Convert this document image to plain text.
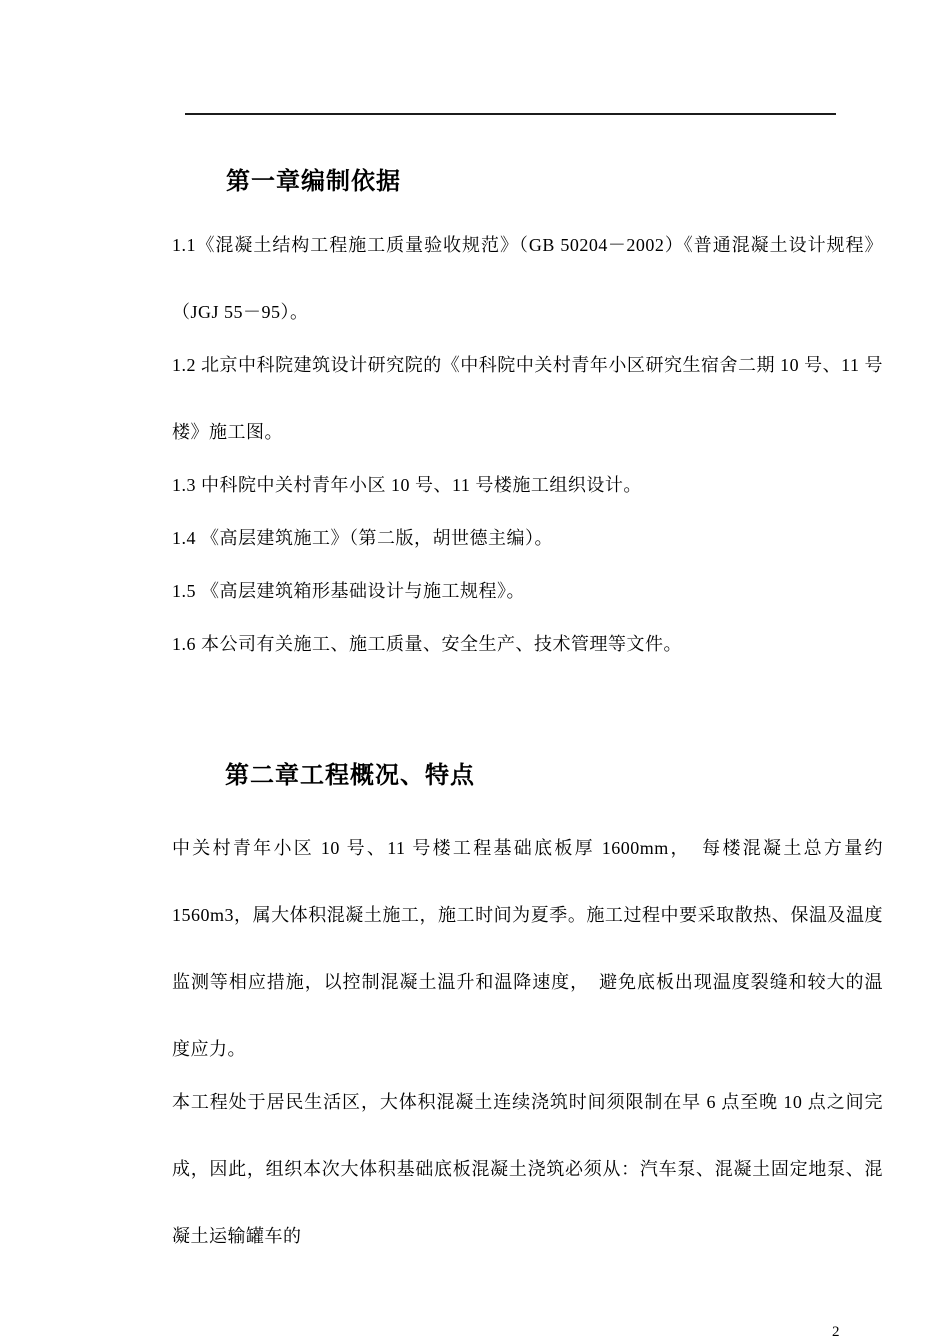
第一章编制依据

1.1《混凝土结构工程施工质量验收规范》（GB 50204－2002）《普通混凝土设计规程》（JGJ 55－95）。

1.2 北京中科院建筑设计研究院的《中科院中关村青年小区研究生宿舍二期 10 号、11 号楼》施工图。

1.3 中科院中关村青年小区 10 号、11 号楼施工组织设计。

1.4 《高层建筑施工》（第二版，胡世德主编）。

1.5 《高层建筑箱形基础设计与施工规程》。

1.6 本公司有关施工、施工质量、安全生产、技术管理等文件。

第二章工程概况、特点

中关村青年小区 10 号、11 号楼工程基础底板厚 1600mm，　每楼混凝土总方量约 1560m3，属大体积混凝土施工，施工时间为夏季。施工过程中要采取散热、保温及温度监测等相应措施，以控制混凝土温升和温降速度，　避免底板出现温度裂缝和较大的温度应力。

本工程处于居民生活区，大体积混凝土连续浇筑时间须限制在早 6 点至晚 10 点之间完成，因此，组织本次大体积基础底板混凝土浇筑必须从：汽车泵、混凝土固定地泵、混凝土运输罐车的

2
